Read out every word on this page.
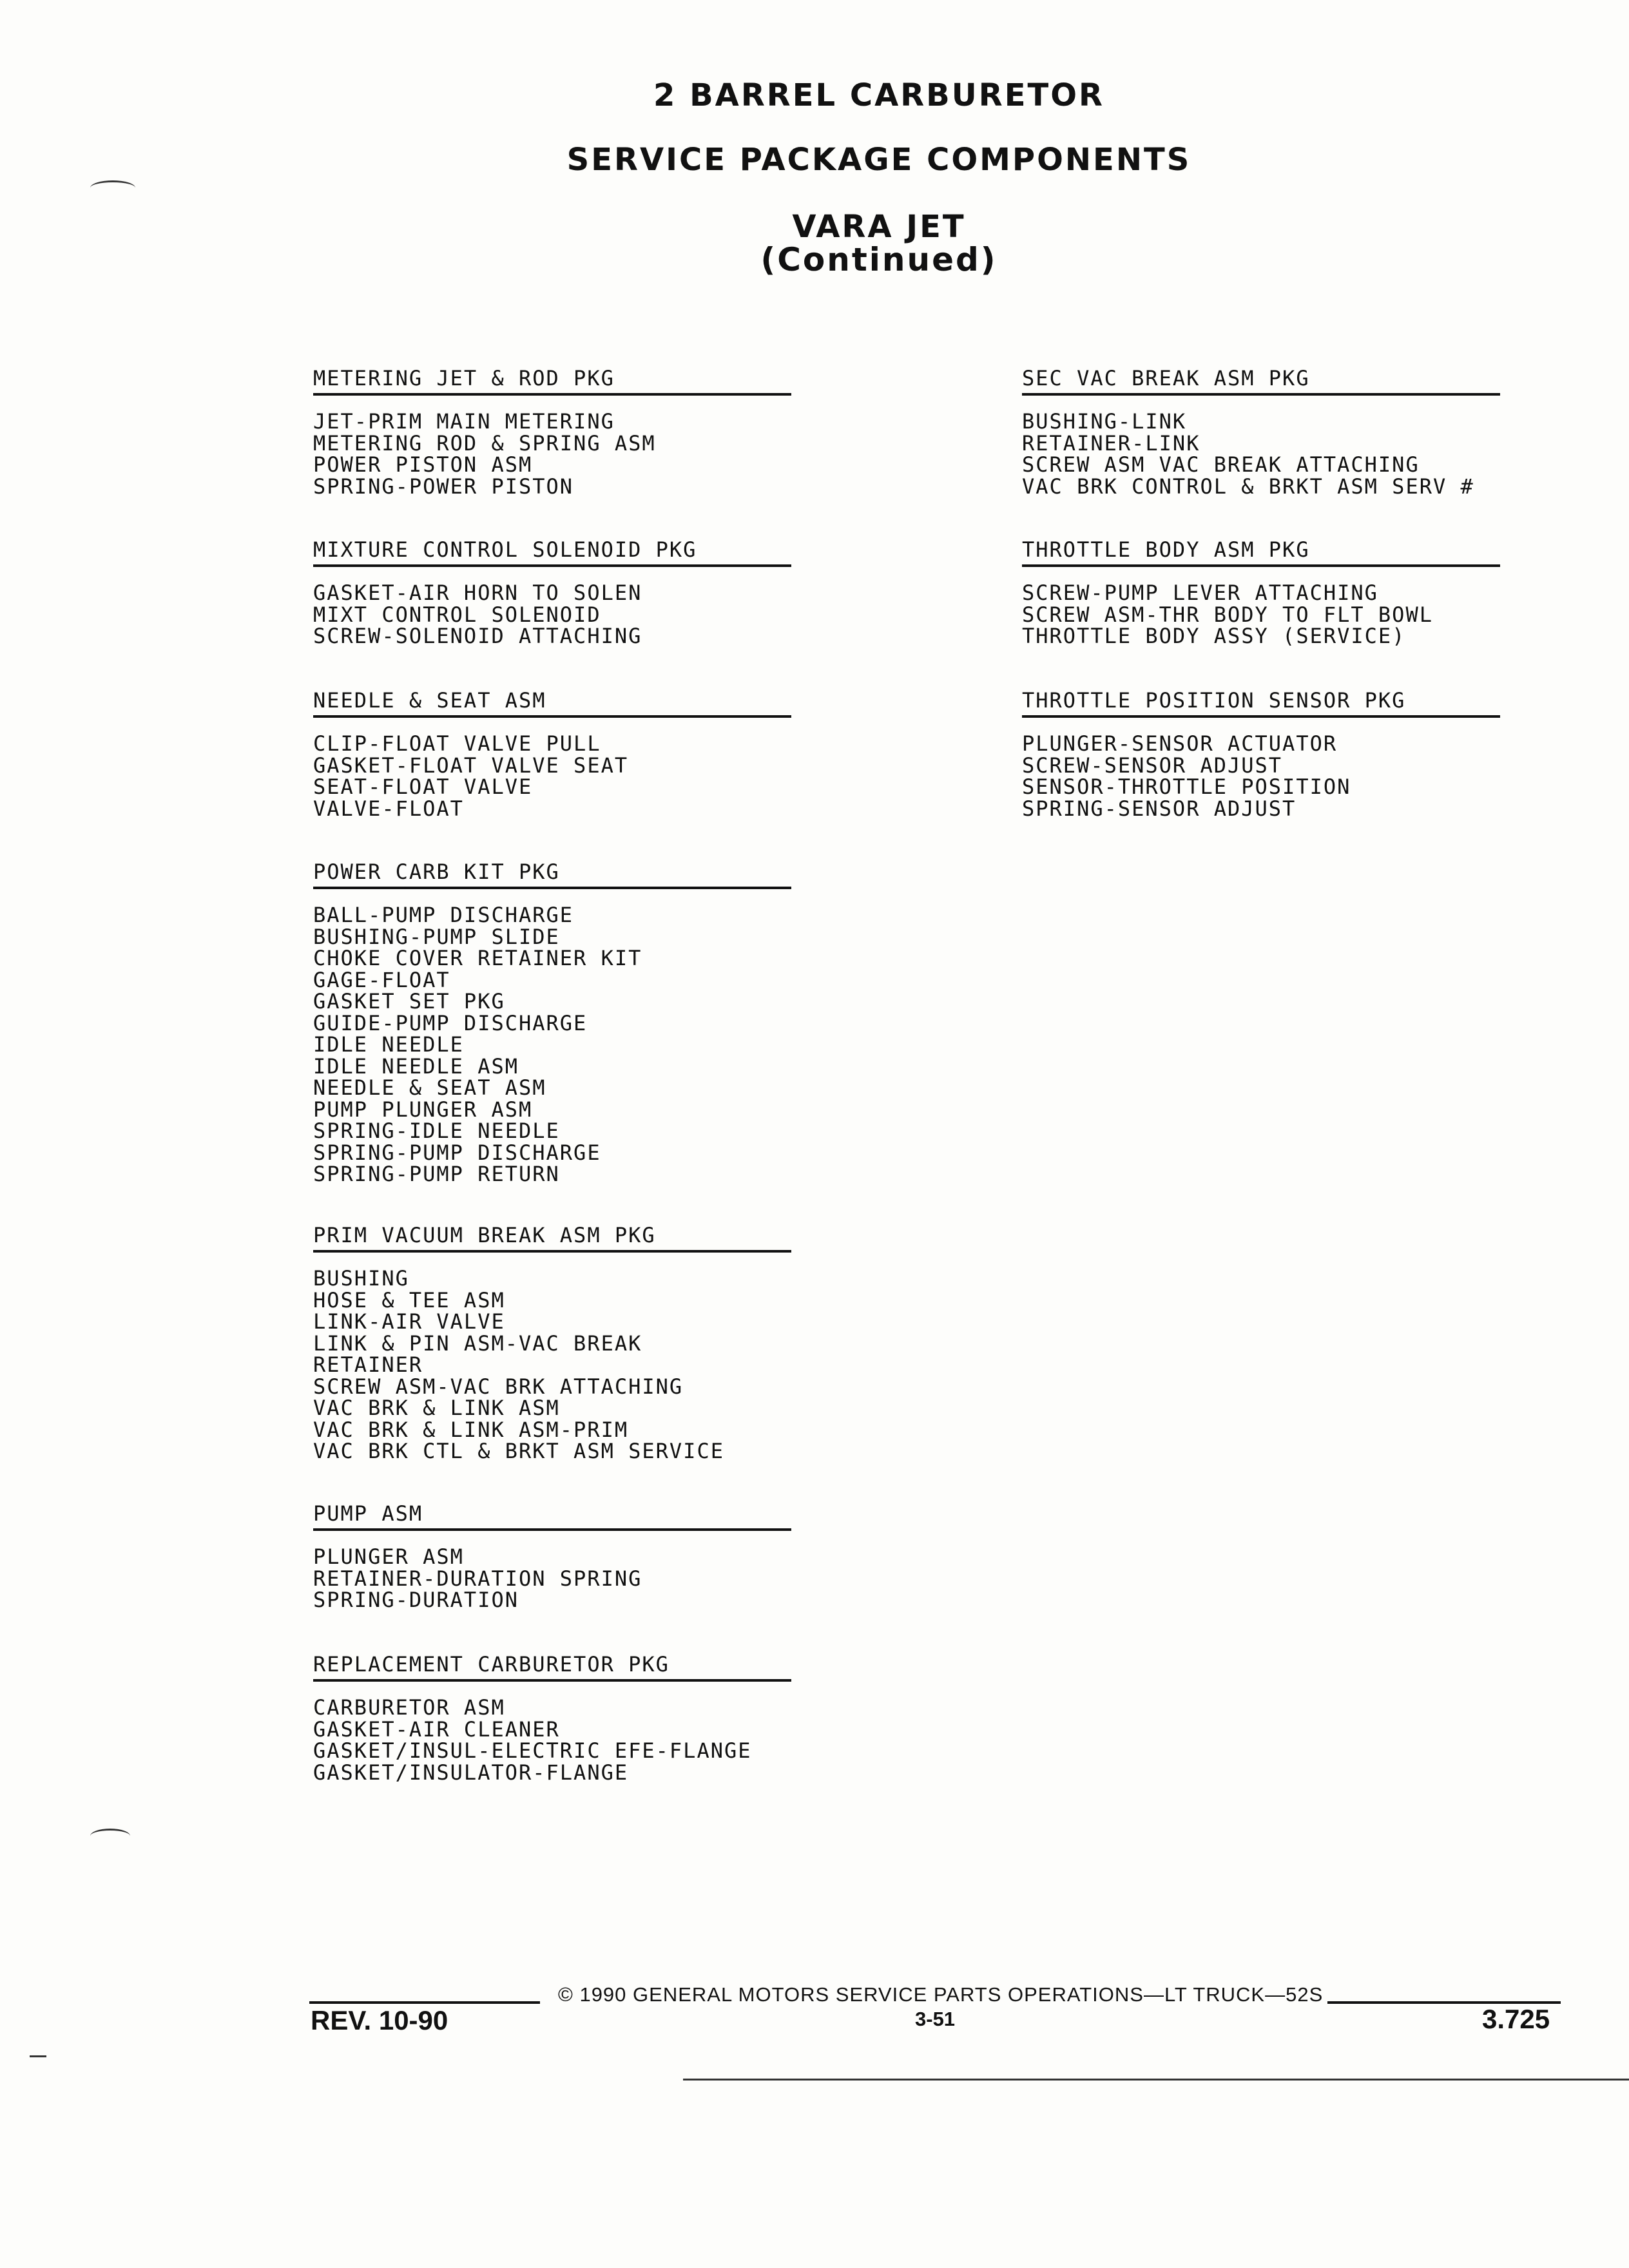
2 BARREL CARBURETOR
SERVICE PACKAGE COMPONENTS
VARA JET
(Continued)
METERING JET & ROD PKG
JET-PRIM MAIN METERING
METERING ROD & SPRING ASM
POWER PISTON ASM
SPRING-POWER PISTON
MIXTURE CONTROL SOLENOID PKG
GASKET-AIR HORN TO SOLEN
MIXT CONTROL SOLENOID
SCREW-SOLENOID ATTACHING
NEEDLE & SEAT ASM
CLIP-FLOAT VALVE PULL
GASKET-FLOAT VALVE SEAT
SEAT-FLOAT VALVE
VALVE-FLOAT
POWER CARB KIT PKG
BALL-PUMP DISCHARGE
BUSHING-PUMP SLIDE
CHOKE COVER RETAINER KIT
GAGE-FLOAT
GASKET SET PKG
GUIDE-PUMP DISCHARGE
IDLE NEEDLE
IDLE NEEDLE ASM
NEEDLE & SEAT ASM
PUMP PLUNGER ASM
SPRING-IDLE NEEDLE
SPRING-PUMP DISCHARGE
SPRING-PUMP RETURN
PRIM VACUUM BREAK ASM PKG
BUSHING
HOSE & TEE ASM
LINK-AIR VALVE
LINK & PIN ASM-VAC BREAK
RETAINER
SCREW ASM-VAC BRK ATTACHING
VAC BRK & LINK ASM
VAC BRK & LINK ASM-PRIM
VAC BRK CTL & BRKT ASM SERVICE
PUMP ASM
PLUNGER ASM
RETAINER-DURATION SPRING
SPRING-DURATION
REPLACEMENT CARBURETOR PKG
CARBURETOR ASM
GASKET-AIR CLEANER
GASKET/INSUL-ELECTRIC EFE-FLANGE
GASKET/INSULATOR-FLANGE
SEC VAC BREAK ASM PKG
BUSHING-LINK
RETAINER-LINK
SCREW ASM VAC BREAK ATTACHING
VAC BRK CONTROL & BRKT ASM SERV #
THROTTLE BODY ASM PKG
SCREW-PUMP LEVER ATTACHING
SCREW ASM-THR BODY TO FLT BOWL
THROTTLE BODY ASSY (SERVICE)
THROTTLE POSITION SENSOR PKG
PLUNGER-SENSOR ACTUATOR
SCREW-SENSOR ADJUST
SENSOR-THROTTLE POSITION
SPRING-SENSOR ADJUST
© 1990 GENERAL MOTORS SERVICE PARTS OPERATIONS—LT TRUCK—52S
REV. 10-90	3-51	3.725
